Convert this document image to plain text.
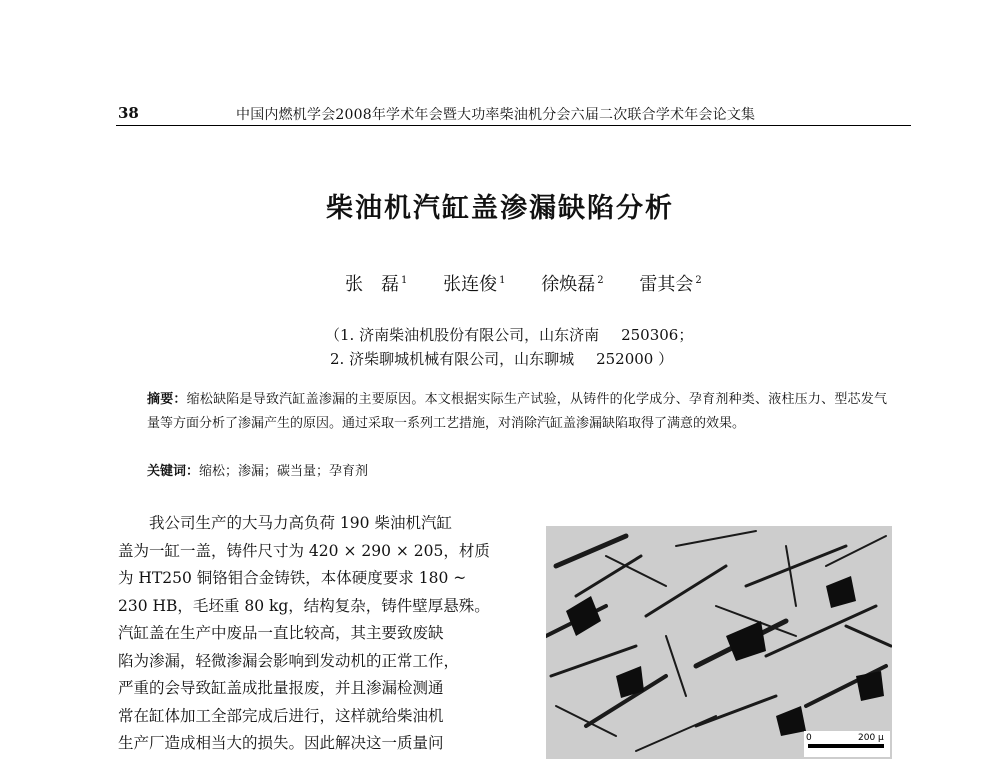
38	中国内燃机学会2008年学术年会暨大功率柴油机分会六届二次联合学术年会论文集
柴油机汽缸盖渗漏缺陷分析
张　磊 $^1$ 张连俊 $^1$ 徐焕磊 $^2$ 雷其会 $^2$
（1. 济南柴油机股份有限公司，山东济南 250306；
2. 济柴聊城机械有限公司，山东聊城 252000 ）
摘要：缩松缺陷是导致汽缸盖渗漏的主要原因。本文根据实际生产试验，从铸件的化学成分、孕育剂种类、液柱压力、型芯发气量等方面分析了渗漏产生的原因。通过采取一系列工艺措施，对消除汽缸盖渗漏缺陷取得了满意的效果。
关键词：缩松；渗漏；碳当量；孕育剂
　　我公司生产的大马力高负荷 190 柴油机汽缸
盖为一缸一盖，铸件尺寸为 420 × 290 × 205，材质
为 HT250 铜铬钼合金铸铁，本体硬度要求 180 ~
230 HB，毛坯重 80 kg，结构复杂，铸件壁厚悬殊。
汽缸盖在生产中废品一直比较高，其主要致废缺
陷为渗漏，轻微渗漏会影响到发动机的正常工作，
严重的会导致缸盖成批量报废，并且渗漏检测通
常在缸体加工全部完成后进行，这样就给柴油机
生产厂造成相当大的损失。因此解决这一质量问	0	200 μ
